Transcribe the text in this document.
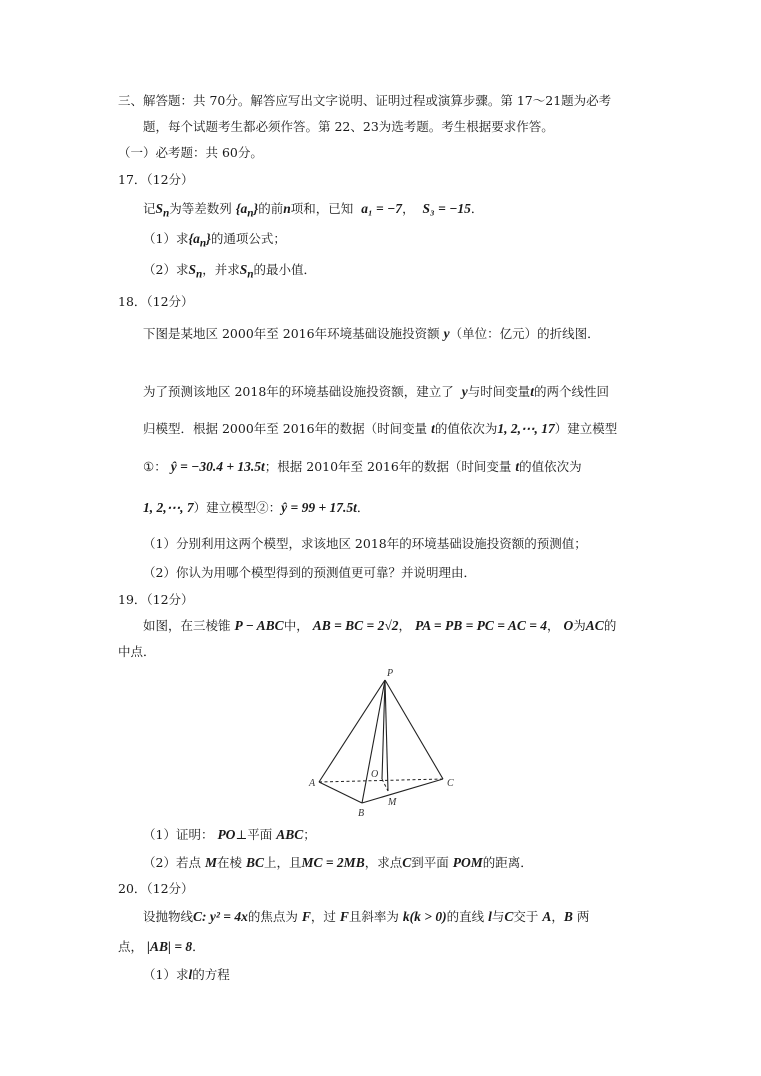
三、解答题：共 70分。解答应写出文字说明、证明过程或演算步骤。第 17～21题为必考
题，每个试题考生都必须作答。第 22、23为选考题。考生根据要求作答。
（一）必考题：共 60分。
17．（12分）
记$S_n$为等差数列 $\{a_n\}$的前n项和，已知 a₁ = −7， S₃ = −15．
（1）求$\{a_n\}$的通项公式；
（2）求$S_n$，并求$S_n$的最小值．
18．（12分）
下图是某地区 2000年至 2016年环境基础设施投资额 y（单位：亿元）的折线图．
为了预测该地区 2018年的环境基础设施投资额，建立了 y与时间变量t的两个线性回
归模型．根据 2000年至 2016年的数据（时间变量 t的值依次为1, 2,⋯, 17）建立模型
①： ŷ = −30.4 + 13.5t；根据 2010年至 2016年的数据（时间变量 t的值依次为
1, 2,⋯, 7）建立模型②：ŷ = 99 + 17.5t．
（1）分别利用这两个模型，求该地区 2018年的环境基础设施投资额的预测值；
（2）你认为用哪个模型得到的预测值更可靠？并说明理由．
19．（12分）
如图，在三棱锥 P − ABC中， AB = BC = 2√2， PA = PB = PC = AC = 4， O为AC的
中点．
P
A
B
C
O
M
（1）证明： PO⊥平面 ABC；
（2）若点 M在棱 BC上，且MC = 2MB，求点C到平面 POM的距离．
20．（12分）
设抛物线C: y² = 4x的焦点为 F，过 F且斜率为 k(k > 0)的直线 l与C交于 A，B 两
点， |AB| = 8．
（1）求l的方程
